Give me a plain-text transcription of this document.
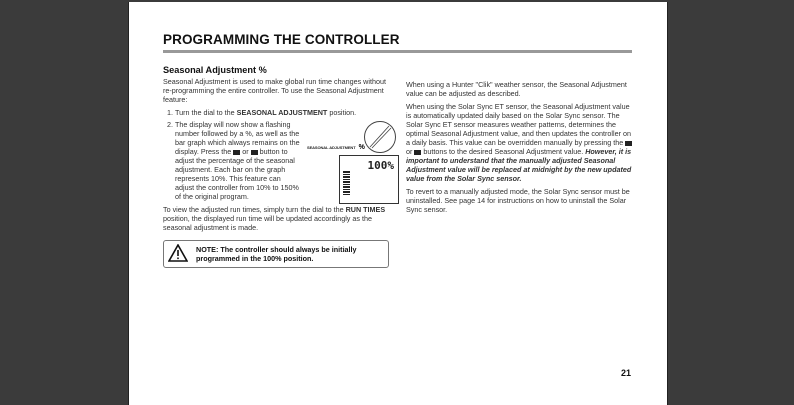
PROGRAMMING THE CONTROLLER
Seasonal Adjustment %

Seasonal Adjustment is used to make global run time changes without re-programming the entire controller. To use the Seasonal Adjustment feature:

1. Turn the dial to the SEASONAL ADJUSTMENT position.
2. The display will now show a flashing number followed by a %, as well as the bar graph which always remains on the display. Press the  or  button to adjust the percentage of the seasonal adjustment. Each bar on the graph represents 10%. This feature can adjust the controller from 10% to 150% of the original program.

To view the adjusted run times, simply turn the dial to the RUN TIMES position, the displayed run time will be updated accordingly as the seasonal adjustment is made.

NOTE: The controller should always be initially programmed in the 100% position.
SEASONAL ADJUSTMENT %
100%

When using a Hunter "Clik" weather sensor, the Seasonal Adjustment value can be adjusted as described.

When using the Solar Sync ET sensor, the Seasonal Adjustment value is automatically updated daily based on the Solar Sync sensor. The Solar Sync ET sensor measures weather patterns, determines the optimal Seasonal Adjustment value, and then updates the controller on a daily basis. This value can be overridden manually by pressing the  or  buttons to the desired Seasonal Adjustment value. However, it is important to understand that the manually adjusted Seasonal Adjustment value will be replaced at midnight by the new updated value from the Solar Sync sensor.

To revert to a manually adjusted mode, the Solar Sync sensor must be uninstalled. See page 14 for instructions on how to uninstall the Solar Sync sensor.

21
